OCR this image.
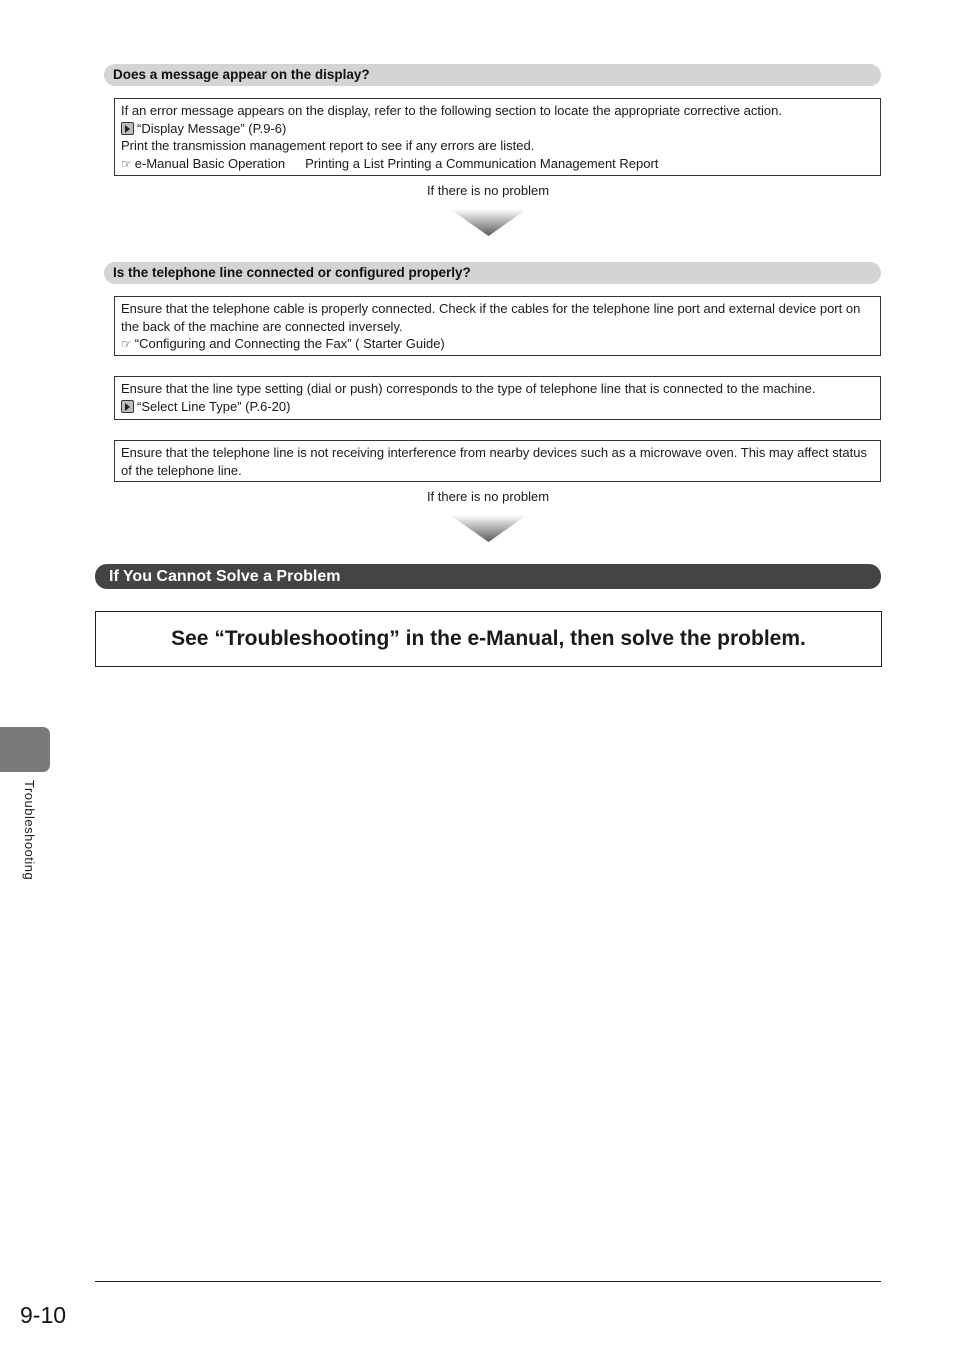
Does a message appear on the display?
If an error message appears on the display, refer to the following section to locate the appropriate corrective action.
“Display Message” (P.9-6)
Print the transmission management report to see if any errors are listed.
☞ e-Manual Basic Operation Printing a List Printing a Communication Management Report
If there is no problem
Is the telephone line connected or configured properly?
Ensure that the telephone cable is properly connected. Check if the cables for the telephone line port and external device port on the back of the machine are connected inversely.
☞ “Configuring and Connecting the Fax” ( Starter Guide)
Ensure that the line type setting (dial or push) corresponds to the type of telephone line that is connected to the machine.
“Select Line Type” (P.6-20)
Ensure that the telephone line is not receiving interference from nearby devices such as a microwave oven. This may affect status of the telephone line.
If there is no problem
If You Cannot Solve a Problem
See “Troubleshooting” in the e-Manual, then solve the problem.
Troubleshooting
9-10
